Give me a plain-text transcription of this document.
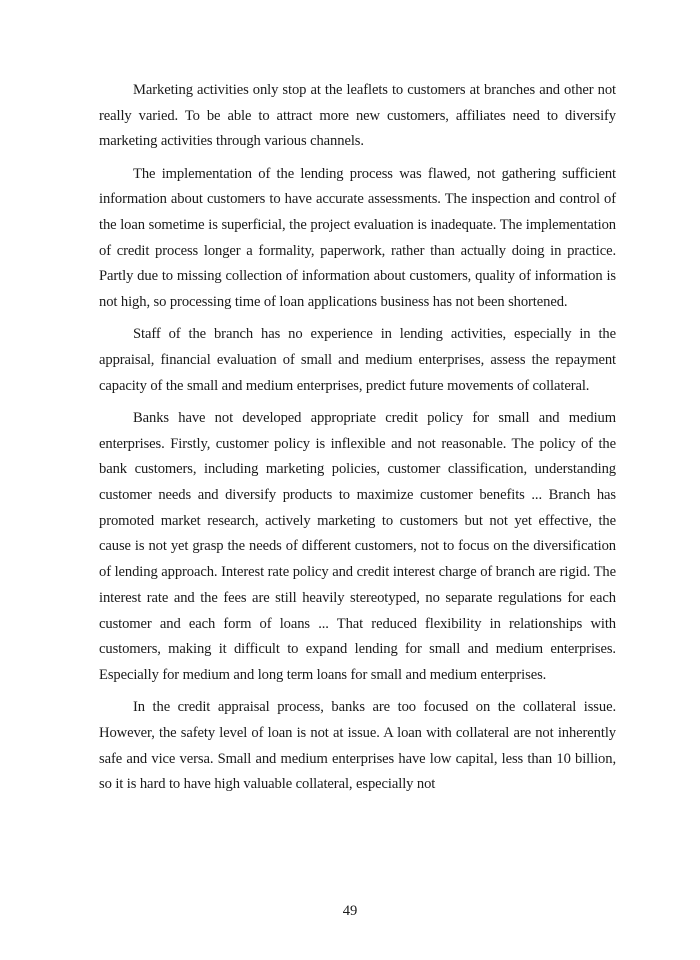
Marketing activities only stop at the leaflets to customers at branches and other not really varied. To be able to attract more new customers, affiliates need to diversify marketing activities through various channels.

The implementation of the lending process was flawed, not gathering sufficient information about customers to have accurate assessments. The inspection and control of the loan sometime is superficial, the project evaluation is inadequate. The implementation of credit process longer a formality, paperwork, rather than actually doing in practice. Partly due to missing collection of information about customers, quality of information is not high, so processing time of loan applications business has not been shortened.

Staff of the branch has no experience in lending activities, especially in the appraisal, financial evaluation of small and medium enterprises, assess the repayment capacity of the small and medium enterprises, predict future movements of collateral.

Banks have not developed appropriate credit policy for small and medium enterprises. Firstly, customer policy is inflexible and not reasonable. The policy of the bank customers, including marketing policies, customer classification, understanding customer needs and diversify products to maximize customer benefits ... Branch has promoted market research, actively marketing to customers but not yet effective, the cause is not yet grasp the needs of different customers, not to focus on the diversification of lending approach. Interest rate policy and credit interest charge of branch are rigid. The interest rate and the fees are still heavily stereotyped, no separate regulations for each customer and each form of loans ... That reduced flexibility in relationships with customers, making it difficult to expand lending for small and medium enterprises. Especially for medium and long term loans for small and medium enterprises.

In the credit appraisal process, banks are too focused on the collateral issue. However, the safety level of loan is not at issue. A loan with collateral are not inherently safe and vice versa. Small and medium enterprises have low capital, less than 10 billion, so it is hard to have high valuable collateral, especially not

49
